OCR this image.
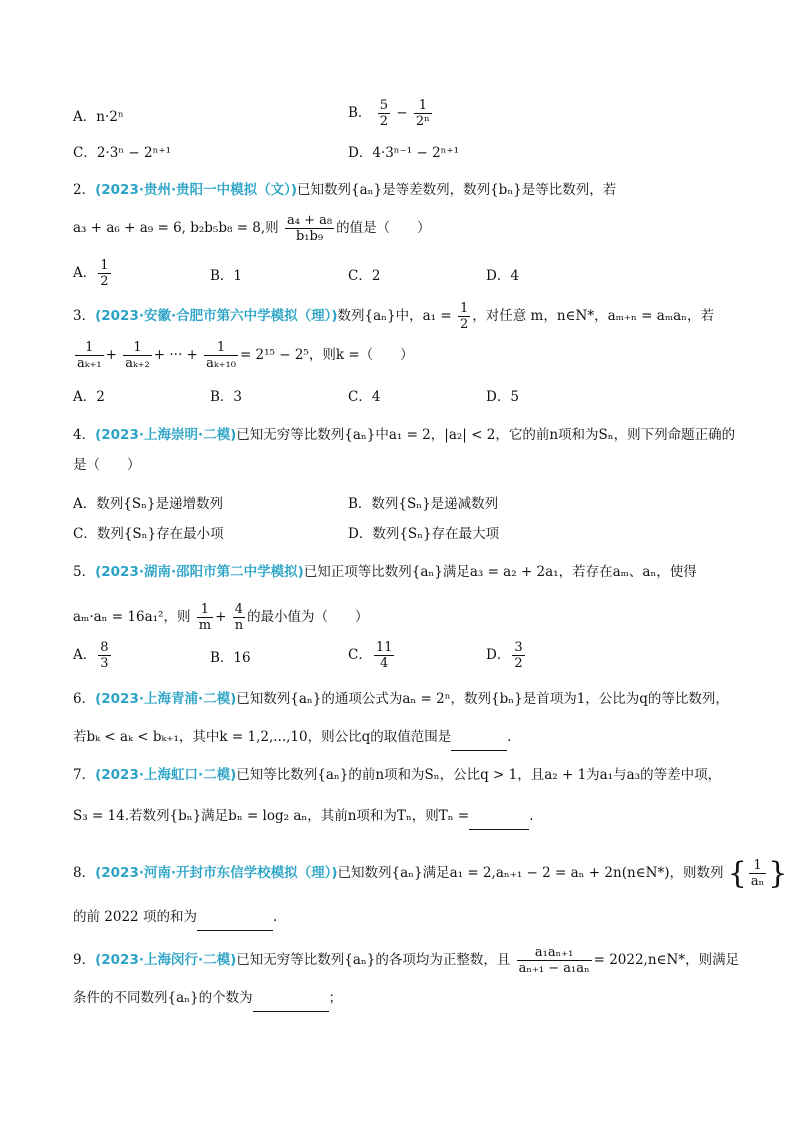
A．n·2ⁿ	B． $\frac{5}{2} - \frac{1}{\text{2ⁿ}}$
C．2·3ⁿ − 2ⁿ⁺¹	D．4·3ⁿ⁻¹ − 2ⁿ⁺¹
2．(2023·贵州·贵阳一中模拟（文）)已知数列{aₙ}是等差数列，数列{bₙ}是等比数列，若
a₃ + a₆ + a₉ = 6, b₂b₅b₈ = 8,则 $\frac{\text{a₄ + a₈}}{\text{b₁b₉}}$ 的值是（　　）
A． $\frac{1}{2}$	B．1	C．2	D．4
3．(2023·安徽·合肥市第六中学模拟（理）)数列{aₙ}中，$a_1 = \frac{1}{2}$ ，对任意 m，n∈N*，aₘ₊ₙ = aₘaₙ，若
$\frac{1}{\text{aₖ₊₁}} + \frac{1}{\text{aₖ₊₂}}$ + ··· + $\frac{1}{\text{aₖ₊₁₀}} = 2^{15} - 2^5$，则k =（　　）
A．2	B．3	C．4	D．5
4．(2023·上海崇明·二模)已知无穷等比数列{aₙ}中a₁ = 2，|a₂| < 2，它的前n项和为Sₙ，则下列命题正确的
是（　　）
A．数列{Sₙ}是递增数列	B．数列{Sₙ}是递减数列
C．数列{Sₙ}存在最小项	D．数列{Sₙ}存在最大项
5．(2023·湖南·邵阳市第二中学模拟)已知正项等比数列{aₙ}满足a₃ = a₂ + 2a₁，若存在aₘ、aₙ，使得
aₘ·aₙ = 16a₁²，则 $\frac{1}{m} + \frac{4}{n}$ 的最小值为（　　）
A． $\frac{8}{3}$	B．16	C． $\frac{11}{4}$	D． $\frac{3}{2}$
6．(2023·上海青浦·二模)已知数列{aₙ}的通项公式为aₙ = 2ⁿ，数列{bₙ}是首项为1，公比为q的等比数列，
若bₖ < aₖ < bₖ₊₁，其中k = 1,2,...,10，则公比q的取值范围是	．
7．(2023·上海虹口·二模)已知等比数列{aₙ}的前n项和为Sₙ，公比q > 1，且a₂ + 1为a₁与a₃的等差中项，
S₃ = 14.若数列{bₙ}满足bₙ = log₂ aₙ，其前n项和为Tₙ，则Tₙ =	.
8．(2023·河南·开封市东信学校模拟（理）)已知数列{aₙ}满足a₁ = 2,aₙ₊₁ − 2 = aₙ + 2n(n∈N*)，则数列 { $\frac{1}{\text{aₙ}}$ }
的前 2022 项的和为	.
9．(2023·上海闵行·二模)已知无穷等比数列{aₙ}的各项均为正整数，且 $\frac{\text{a₁aₙ₊₁}}{\text{aₙ₊₁ − a₁aₙ}}$ = 2022,n∈N*，则满足
条件的不同数列{aₙ}的个数为	；
